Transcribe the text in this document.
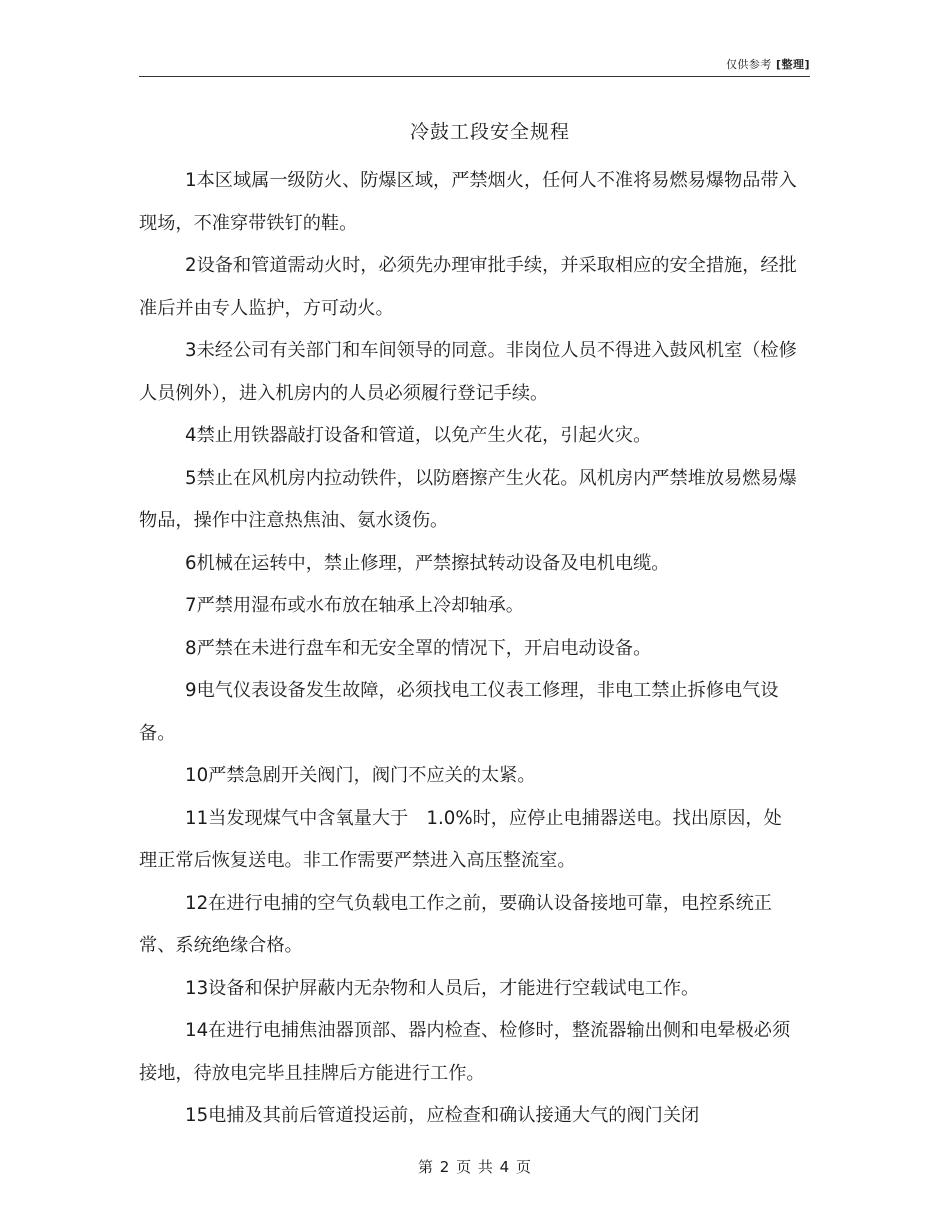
仅供参考 [整理]
冷鼓工段安全规程

1本区域属一级防火、防爆区域，严禁烟火，任何人不准将易燃易爆物品带入现场，不准穿带铁钉的鞋。

2设备和管道需动火时，必须先办理审批手续，并采取相应的安全措施，经批准后并由专人监护，方可动火。

3未经公司有关部门和车间领导的同意。非岗位人员不得进入鼓风机室（检修人员例外），进入机房内的人员必须履行登记手续。

4禁止用铁器敲打设备和管道，以免产生火花，引起火灾。

5禁止在风机房内拉动铁件，以防磨擦产生火花。风机房内严禁堆放易燃易爆物品，操作中注意热焦油、氨水烫伤。

6机械在运转中，禁止修理，严禁擦拭转动设备及电机电缆。

7严禁用湿布或水布放在轴承上冷却轴承。

8严禁在未进行盘车和无安全罩的情况下，开启电动设备。

9电气仪表设备发生故障，必须找电工仪表工修理，非电工禁止拆修电气设备。

10严禁急剧开关阀门，阀门不应关的太紧。

11当发现煤气中含氧量大于　1.0%时，应停止电捕器送电。找出原因，处理正常后恢复送电。非工作需要严禁进入高压整流室。

12在进行电捕的空气负载电工作之前，要确认设备接地可靠，电控系统正常、系统绝缘合格。

13设备和保护屏蔽内无杂物和人员后，才能进行空载试电工作。

14在进行电捕焦油器顶部、器内检查、检修时，整流器输出侧和电晕极必须接地，待放电完毕且挂牌后方能进行工作。

15电捕及其前后管道投运前，应检查和确认接通大气的阀门关闭

第 2 页 共 4 页
